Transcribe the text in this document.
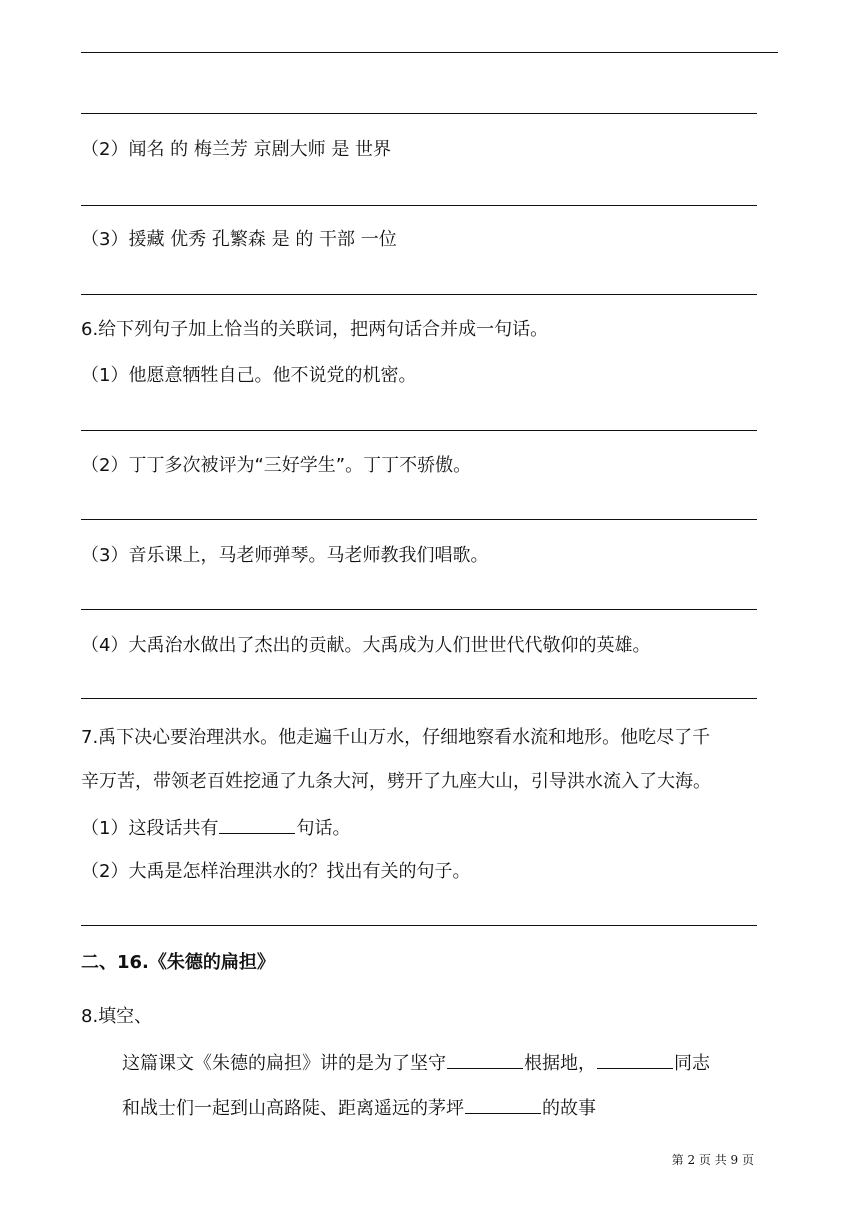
（2）闻名 的 梅兰芳 京剧大师 是 世界
（3）援藏 优秀 孔繁森 是 的 干部 一位
6.给下列句子加上恰当的关联词，把两句话合并成一句话。
（1）他愿意牺牲自己。他不说党的机密。
（2）丁丁多次被评为“三好学生”。丁丁不骄傲。
（3）音乐课上，马老师弹琴。马老师教我们唱歌。
（4）大禹治水做出了杰出的贡献。大禹成为人们世世代代敬仰的英雄。
7.禹下决心要治理洪水。他走遍千山万水，仔细地察看水流和地形。他吃尽了千
辛万苦，带领老百姓挖通了九条大河，劈开了九座大山，引导洪水流入了大海。
（1）这段话共有	句话。
（2）大禹是怎样治理洪水的？找出有关的句子。
二、16.《朱德的扁担》
8.填空、
这篇课文《朱德的扁担》讲的是为了坚守	根据地，	同志
和战士们一起到山高路陡、距离遥远的茅坪	的故事
第 2 页 共 9 页
